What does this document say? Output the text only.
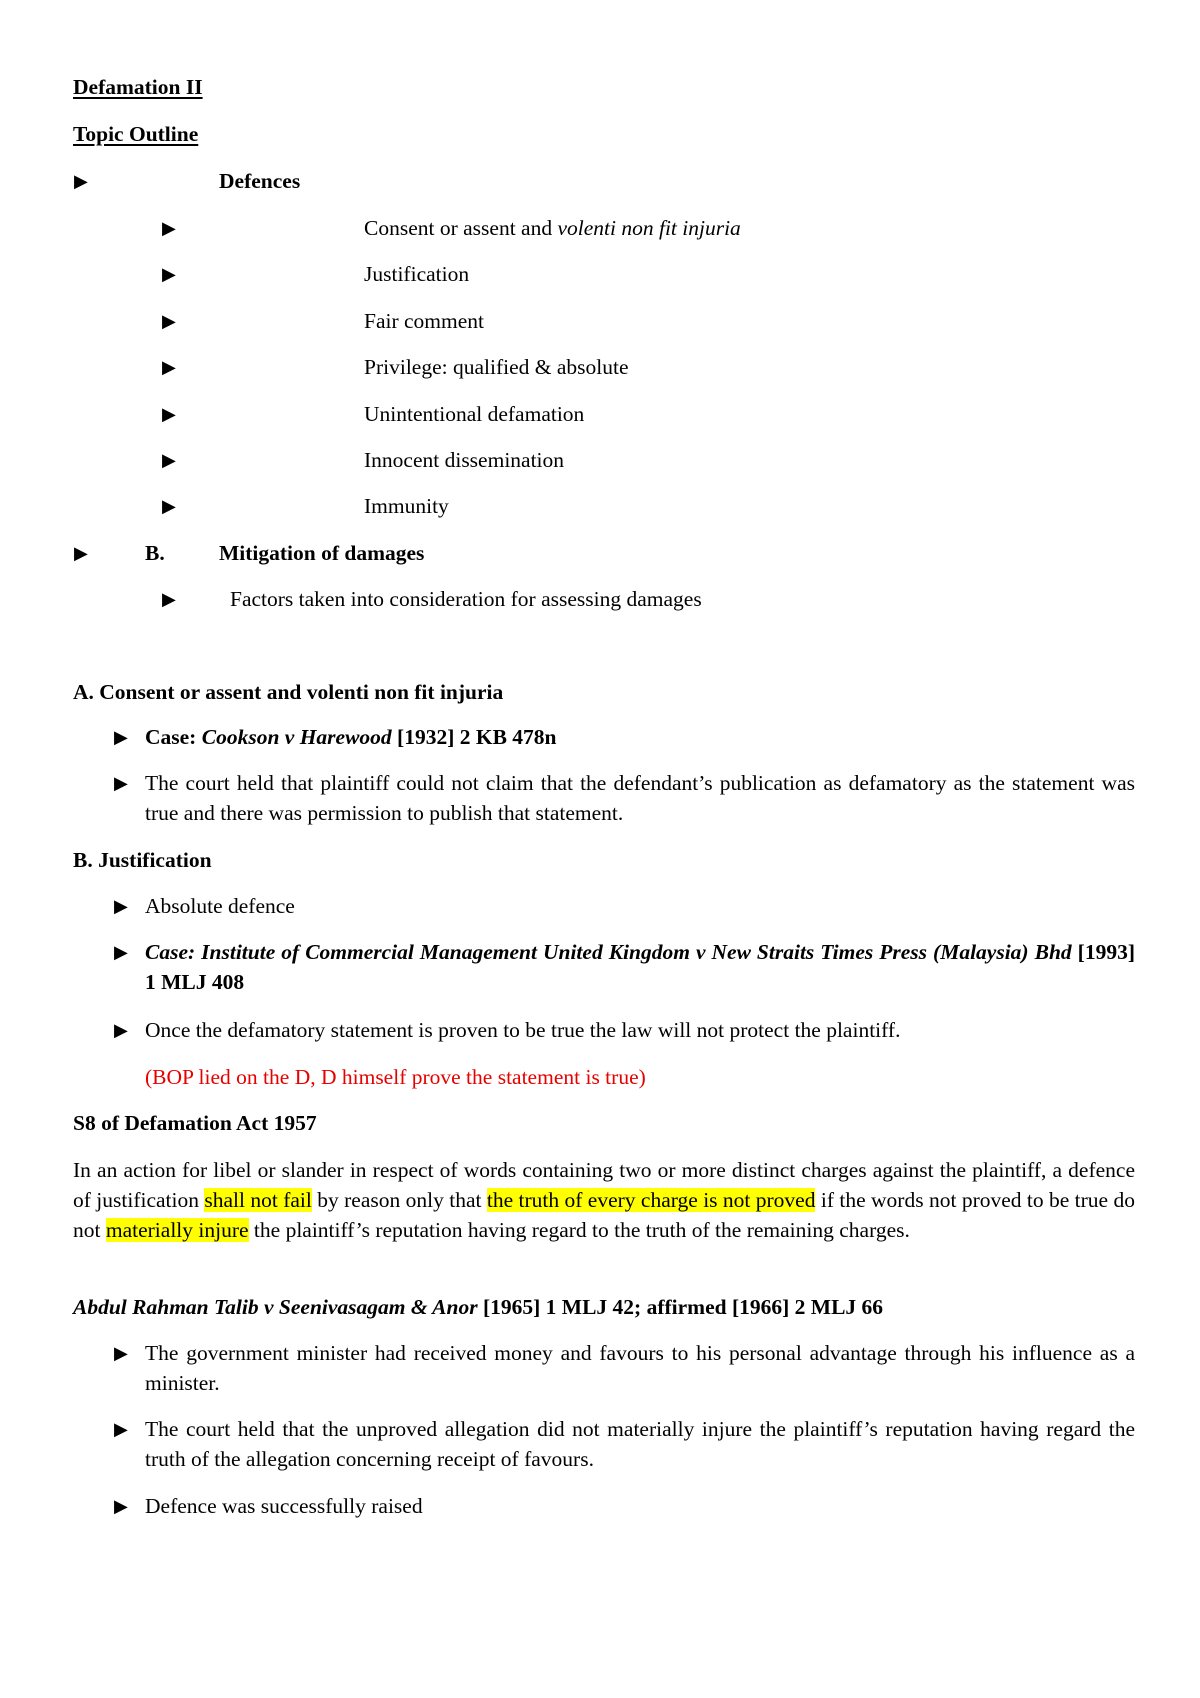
Defamation II
Topic Outline
▶	Defences
▶	Consent or assent and volenti non fit injuria
▶	Justification
▶	Fair comment
▶	Privilege: qualified & absolute
▶	Unintentional defamation
▶	Innocent dissemination
▶	Immunity
▶	B.	Mitigation of damages
▶	Factors taken into consideration for assessing damages
A. Consent or assent and volenti non fit injuria
▶ Case: Cookson v Harewood [1932] 2 KB 478n
▶ The court held that plaintiff could not claim that the defendant’s publication as defamatory as the statement was true and there was permission to publish that statement.
B. Justification
▶ Absolute defence
▶ Case: Institute of Commercial Management United Kingdom v New Straits Times Press (Malaysia) Bhd [1993] 1 MLJ 408
▶ Once the defamatory statement is proven to be true the law will not protect the plaintiff.
(BOP lied on the D, D himself prove the statement is true)
S8 of Defamation Act 1957
In an action for libel or slander in respect of words containing two or more distinct charges against the plaintiff, a defence of justification shall not fail by reason only that the truth of every charge is not proved if the words not proved to be true do not materially injure the plaintiff’s reputation having regard to the truth of the remaining charges.
Abdul Rahman Talib v Seenivasagam & Anor [1965] 1 MLJ 42; affirmed [1966] 2 MLJ 66
▶ The government minister had received money and favours to his personal advantage through his influence as a minister.
▶ The court held that the unproved allegation did not materially injure the plaintiff’s reputation having regard the truth of the allegation concerning receipt of favours.
▶ Defence was successfully raised
